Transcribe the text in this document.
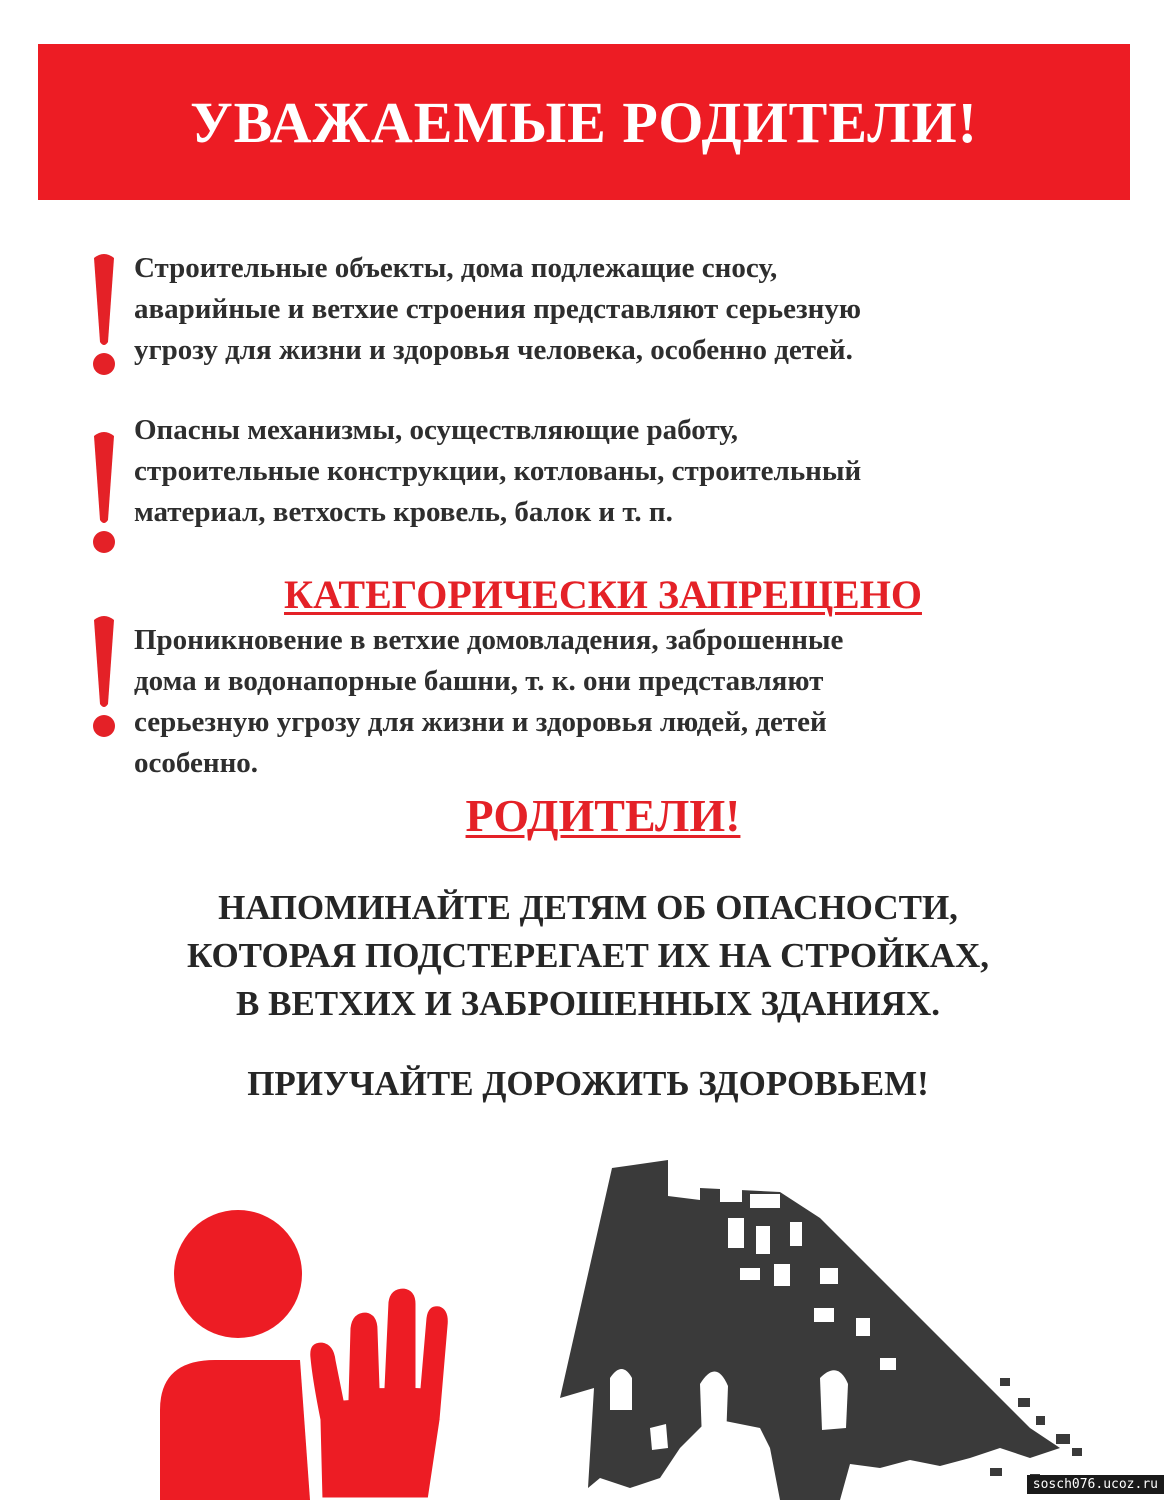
УВАЖАЕМЫЕ РОДИТЕЛИ!

Строительные объекты, дома подлежащие сносу,
аварийные и ветхие строения представляют серьезную
угрозу для жизни и здоровья человека, особенно детей.

Опасны механизмы, осуществляющие работу,
строительные конструкции, котлованы, строительный
материал, ветхость кровель, балок и т. п.

КАТЕГОРИЧЕСКИ ЗАПРЕЩЕНО

Проникновение в ветхие домовладения, заброшенные
дома и водонапорные башни, т. к. они представляют
серьезную угрозу для жизни и здоровья людей, детей
особенно.

РОДИТЕЛИ!

НАПОМИНАЙТЕ ДЕТЯМ ОБ ОПАСНОСТИ,
КОТОРАЯ ПОДСТЕРЕГАЕТ ИХ НА СТРОЙКАХ,
В ВЕТХИХ И ЗАБРОШЕННЫХ ЗДАНИЯХ.

ПРИУЧАЙТЕ ДОРОЖИТЬ ЗДОРОВЬЕМ!

sosch076.ucoz.ru
